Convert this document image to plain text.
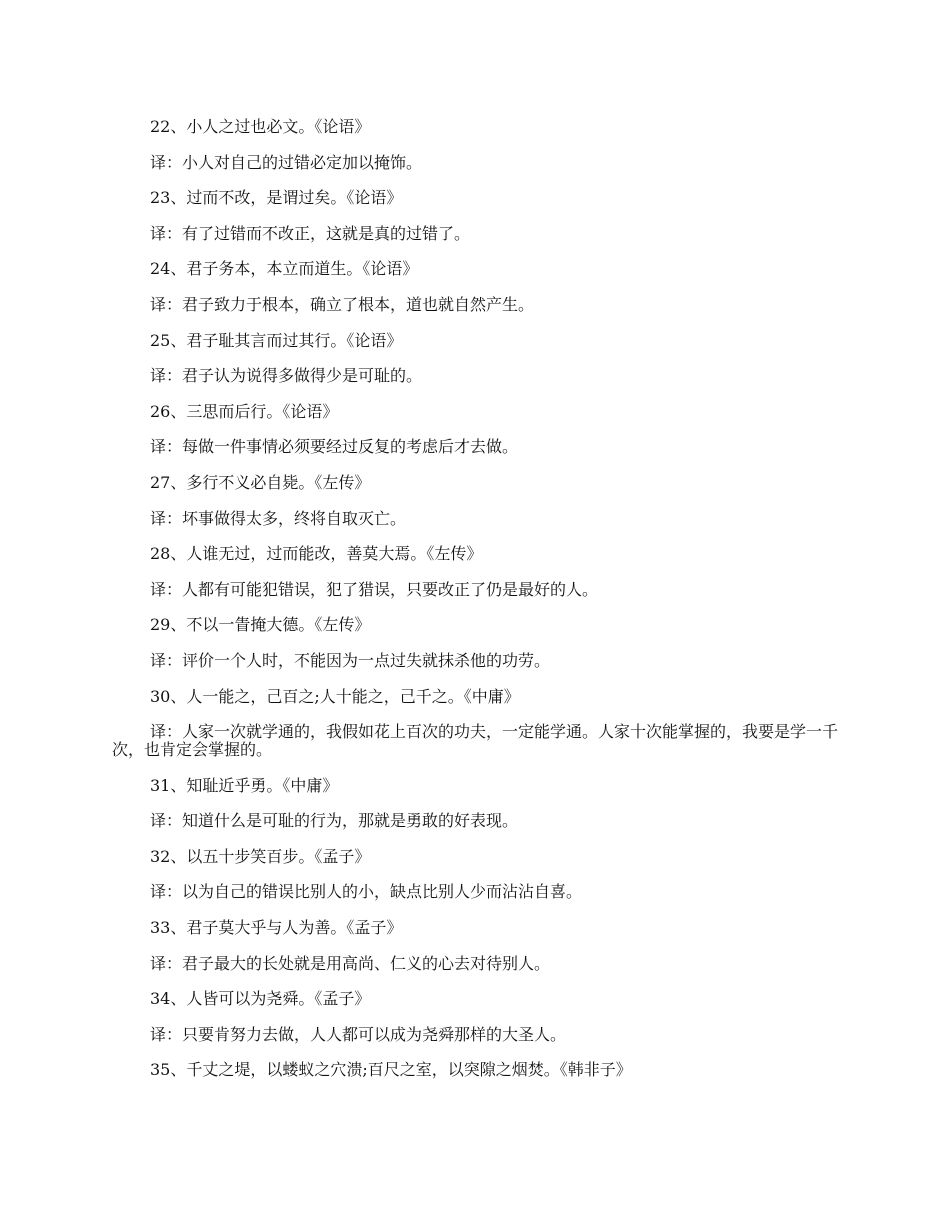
22、小人之过也必文。《论语》

译：小人对自己的过错必定加以掩饰。

23、过而不改，是谓过矣。《论语》

译：有了过错而不改正，这就是真的过错了。

24、君子务本，本立而道生。《论语》

译：君子致力于根本，确立了根本，道也就自然产生。

25、君子耻其言而过其行。《论语》

译：君子认为说得多做得少是可耻的。

26、三思而后行。《论语》

译：每做一件事情必须要经过反复的考虑后才去做。

27、多行不义必自毙。《左传》

译：坏事做得太多，终将自取灭亡。

28、人谁无过，过而能改，善莫大焉。《左传》

译：人都有可能犯错误，犯了猎误，只要改正了仍是最好的人。

29、不以一眚掩大德。《左传》

译：评价一个人时，不能因为一点过失就抹杀他的功劳。

30、人一能之，己百之;人十能之，己千之。《中庸》

译：人家一次就学通的，我假如花上百次的功夫，一定能学通。人家十次能掌握的，我要是学一千次，也肯定会掌握的。

31、知耻近乎勇。《中庸》

译：知道什么是可耻的行为，那就是勇敢的好表现。

32、以五十步笑百步。《孟子》

译：以为自己的错误比别人的小，缺点比别人少而沾沾自喜。

33、君子莫大乎与人为善。《孟子》

译：君子最大的长处就是用高尚、仁义的心去对待别人。

34、人皆可以为尧舜。《孟子》

译：只要肯努力去做，人人都可以成为尧舜那样的大圣人。

35、千丈之堤，以蝼蚁之穴溃;百尺之室，以突隙之烟焚。《韩非子》
